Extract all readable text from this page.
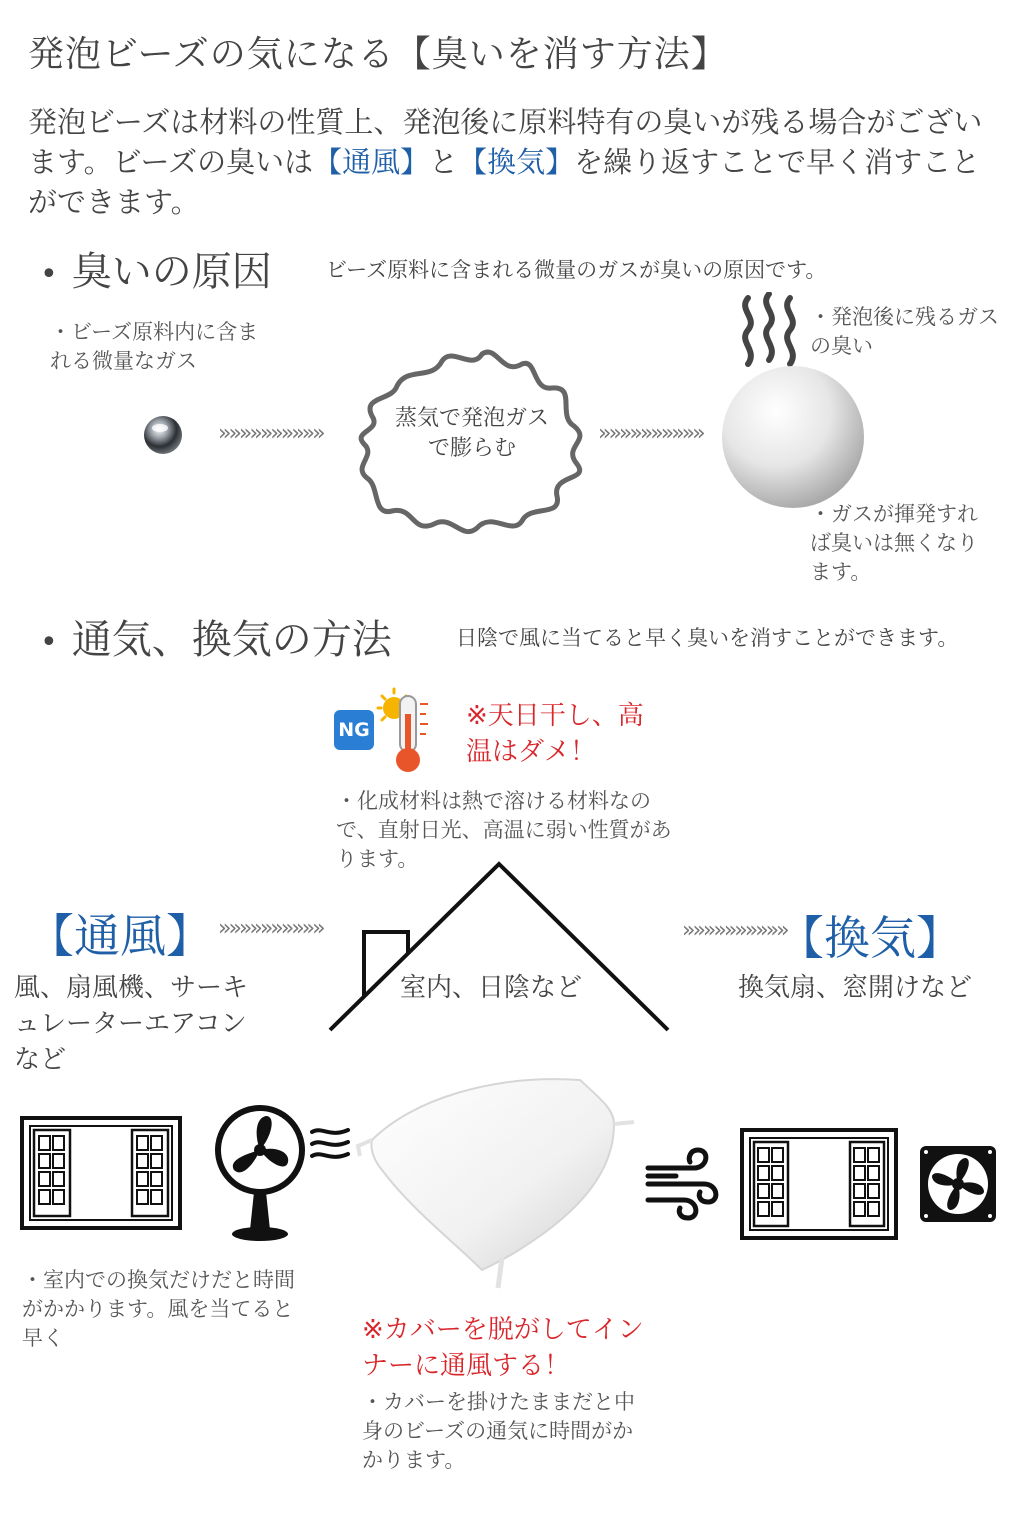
発泡ビーズの気になる【臭いを消す方法】
発泡ビーズは材料の性質上、発泡後に原料特有の臭いが残る場合がございます。ビーズの臭いは【通風】と【換気】を繰り返すことで早く消すことができます。
• 臭いの原因	ビーズ原料に含まれる微量のガスが臭いの原因です。
・ビーズ原料内に含まれる微量なガス
»»»»»»»»»»
蒸気で発泡ガスで膨らむ
»»»»»»»»»»
・発泡後に残るガスの臭い
・ガスが揮発すれば臭いは無くなります。
• 通気、換気の方法	日陰で風に当てると早く臭いを消すことができます。
NG	※天日干し、高温はダメ！
・化成材料は熱で溶ける材料なので、直射日光、高温に弱い性質があります。
室内、日陰など
【通風】 »»»»»»»»»»
風、扇風機、サーキュレーターエアコンなど
»»»»»»»»»»
【換気】
換気扇、窓開けなど
・室内での換気だけだと時間がかかります。風を当てると早く	※カバーを脱がしてインナーに通風する！
・カバーを掛けたままだと中身のビーズの通気に時間がかかります。
